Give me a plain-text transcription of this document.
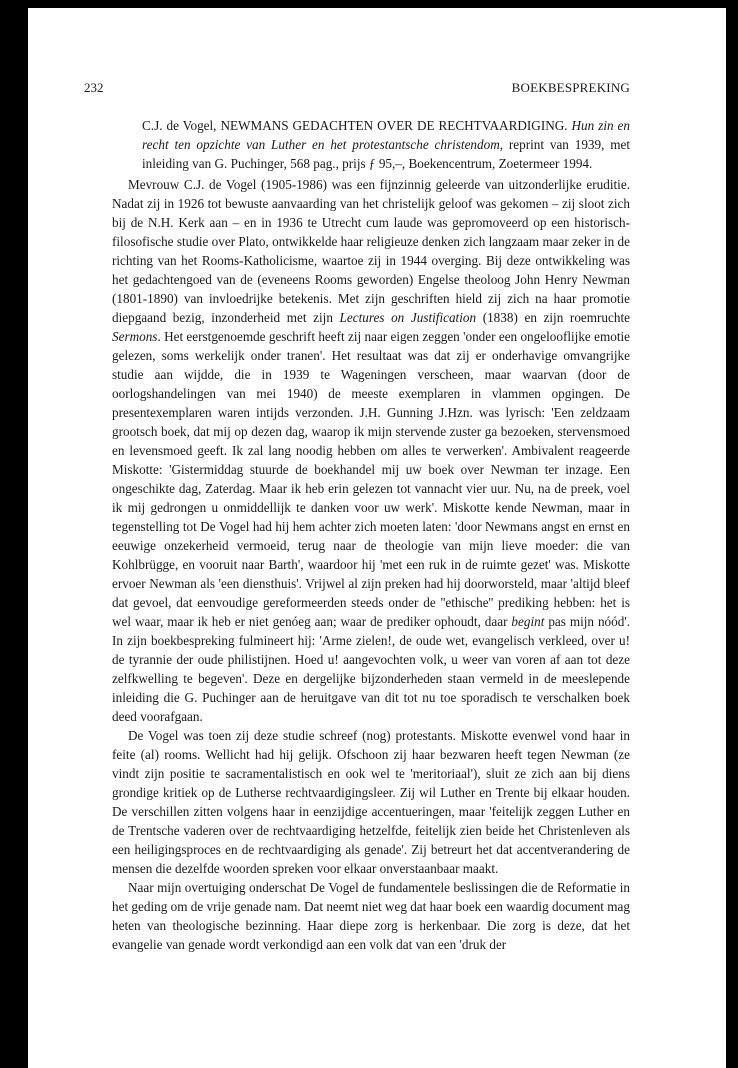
232	BOEKBESPREKING

C.J. de Vogel, NEWMANS GEDACHTEN OVER DE RECHTVAARDIGING. Hun zin en recht ten opzichte van Luther en het protestantsche christendom, reprint van 1939, met inleiding van G. Puchinger, 568 pag., prijs ƒ 95,–, Boekencentrum, Zoetermeer 1994.

Mevrouw C.J. de Vogel (1905-1986) was een fijnzinnig geleerde van uitzonderlijke eruditie. Nadat zij in 1926 tot bewuste aanvaarding van het christelijk geloof was gekomen – zij sloot zich bij de N.H. Kerk aan – en in 1936 te Utrecht cum laude was gepromoveerd op een historisch-filosofische studie over Plato, ontwikkelde haar religieuze denken zich langzaam maar zeker in de richting van het Rooms-Katholicisme, waartoe zij in 1944 overging. Bij deze ontwikkeling was het gedachtengoed van de (eveneens Rooms geworden) Engelse theoloog John Henry Newman (1801-1890) van invloedrijke betekenis. Met zijn geschriften hield zij zich na haar promotie diepgaand bezig, inzonderheid met zijn Lectures on Justification (1838) en zijn roemruchte Sermons. Het eerstgenoemde geschrift heeft zij naar eigen zeggen 'onder een ongelooflijke emotie gelezen, soms werkelijk onder tranen'. Het resultaat was dat zij er onderhavige omvangrijke studie aan wijdde, die in 1939 te Wageningen verscheen, maar waarvan (door de oorlogshandelingen van mei 1940) de meeste exemplaren in vlammen opgingen. De presentexemplaren waren intijds verzonden. J.H. Gunning J.Hzn. was lyrisch: 'Een zeldzaam grootsch boek, dat mij op dezen dag, waarop ik mijn stervende zuster ga bezoeken, stervensmoed en levensmoed geeft. Ik zal lang noodig hebben om alles te verwerken'. Ambivalent reageerde Miskotte: 'Gistermiddag stuurde de boekhandel mij uw boek over Newman ter inzage. Een ongeschikte dag, Zaterdag. Maar ik heb erin gelezen tot vannacht vier uur. Nu, na de preek, voel ik mij gedrongen u onmiddellijk te danken voor uw werk'. Miskotte kende Newman, maar in tegenstelling tot De Vogel had hij hem achter zich moeten laten: 'door Newmans angst en ernst en eeuwige onzekerheid vermoeid, terug naar de theologie van mijn lieve moeder: die van Kohlbrügge, en vooruit naar Barth', waardoor hij 'met een ruk in de ruimte gezet' was. Miskotte ervoer Newman als 'een diensthuis'. Vrijwel al zijn preken had hij doorworsteld, maar 'altijd bleef dat gevoel, dat eenvoudige gereformeerden steeds onder de ''ethische'' prediking hebben: het is wel waar, maar ik heb er niet genóeg aan; waar de prediker ophoudt, daar begint pas mijn nóód'. In zijn boekbespreking fulmineert hij: 'Arme zielen!, de oude wet, evangelisch verkleed, over u! de tyrannie der oude philistijnen. Hoed u! aangevochten volk, u weer van voren af aan tot deze zelfkwelling te begeven'. Deze en dergelijke bijzonderheden staan vermeld in de meeslepende inleiding die G. Puchinger aan de heruitgave van dit tot nu toe sporadisch te verschalken boek deed voorafgaan.

De Vogel was toen zij deze studie schreef (nog) protestants. Miskotte evenwel vond haar in feite (al) rooms. Wellicht had hij gelijk. Ofschoon zij haar bezwaren heeft tegen Newman (ze vindt zijn positie te sacramentalistisch en ook wel te 'meritoriaal'), sluit ze zich aan bij diens grondige kritiek op de Lutherse rechtvaardigingsleer. Zij wil Luther en Trente bij elkaar houden. De verschillen zitten volgens haar in eenzijdige accentueringen, maar 'feitelijk zeggen Luther en de Trentsche vaderen over de rechtvaardiging hetzelfde, feitelijk zien beide het Christenleven als een heiligingsproces en de rechtvaardiging als genade'. Zij betreurt het dat accentverandering de mensen die dezelfde woorden spreken voor elkaar onverstaanbaar maakt.

Naar mijn overtuiging onderschat De Vogel de fundamentele beslissingen die de Reformatie in het geding om de vrije genade nam. Dat neemt niet weg dat haar boek een waardig document mag heten van theologische bezinning. Haar diepe zorg is herkenbaar. Die zorg is deze, dat het evangelie van genade wordt verkondigd aan een volk dat van een 'druk der
